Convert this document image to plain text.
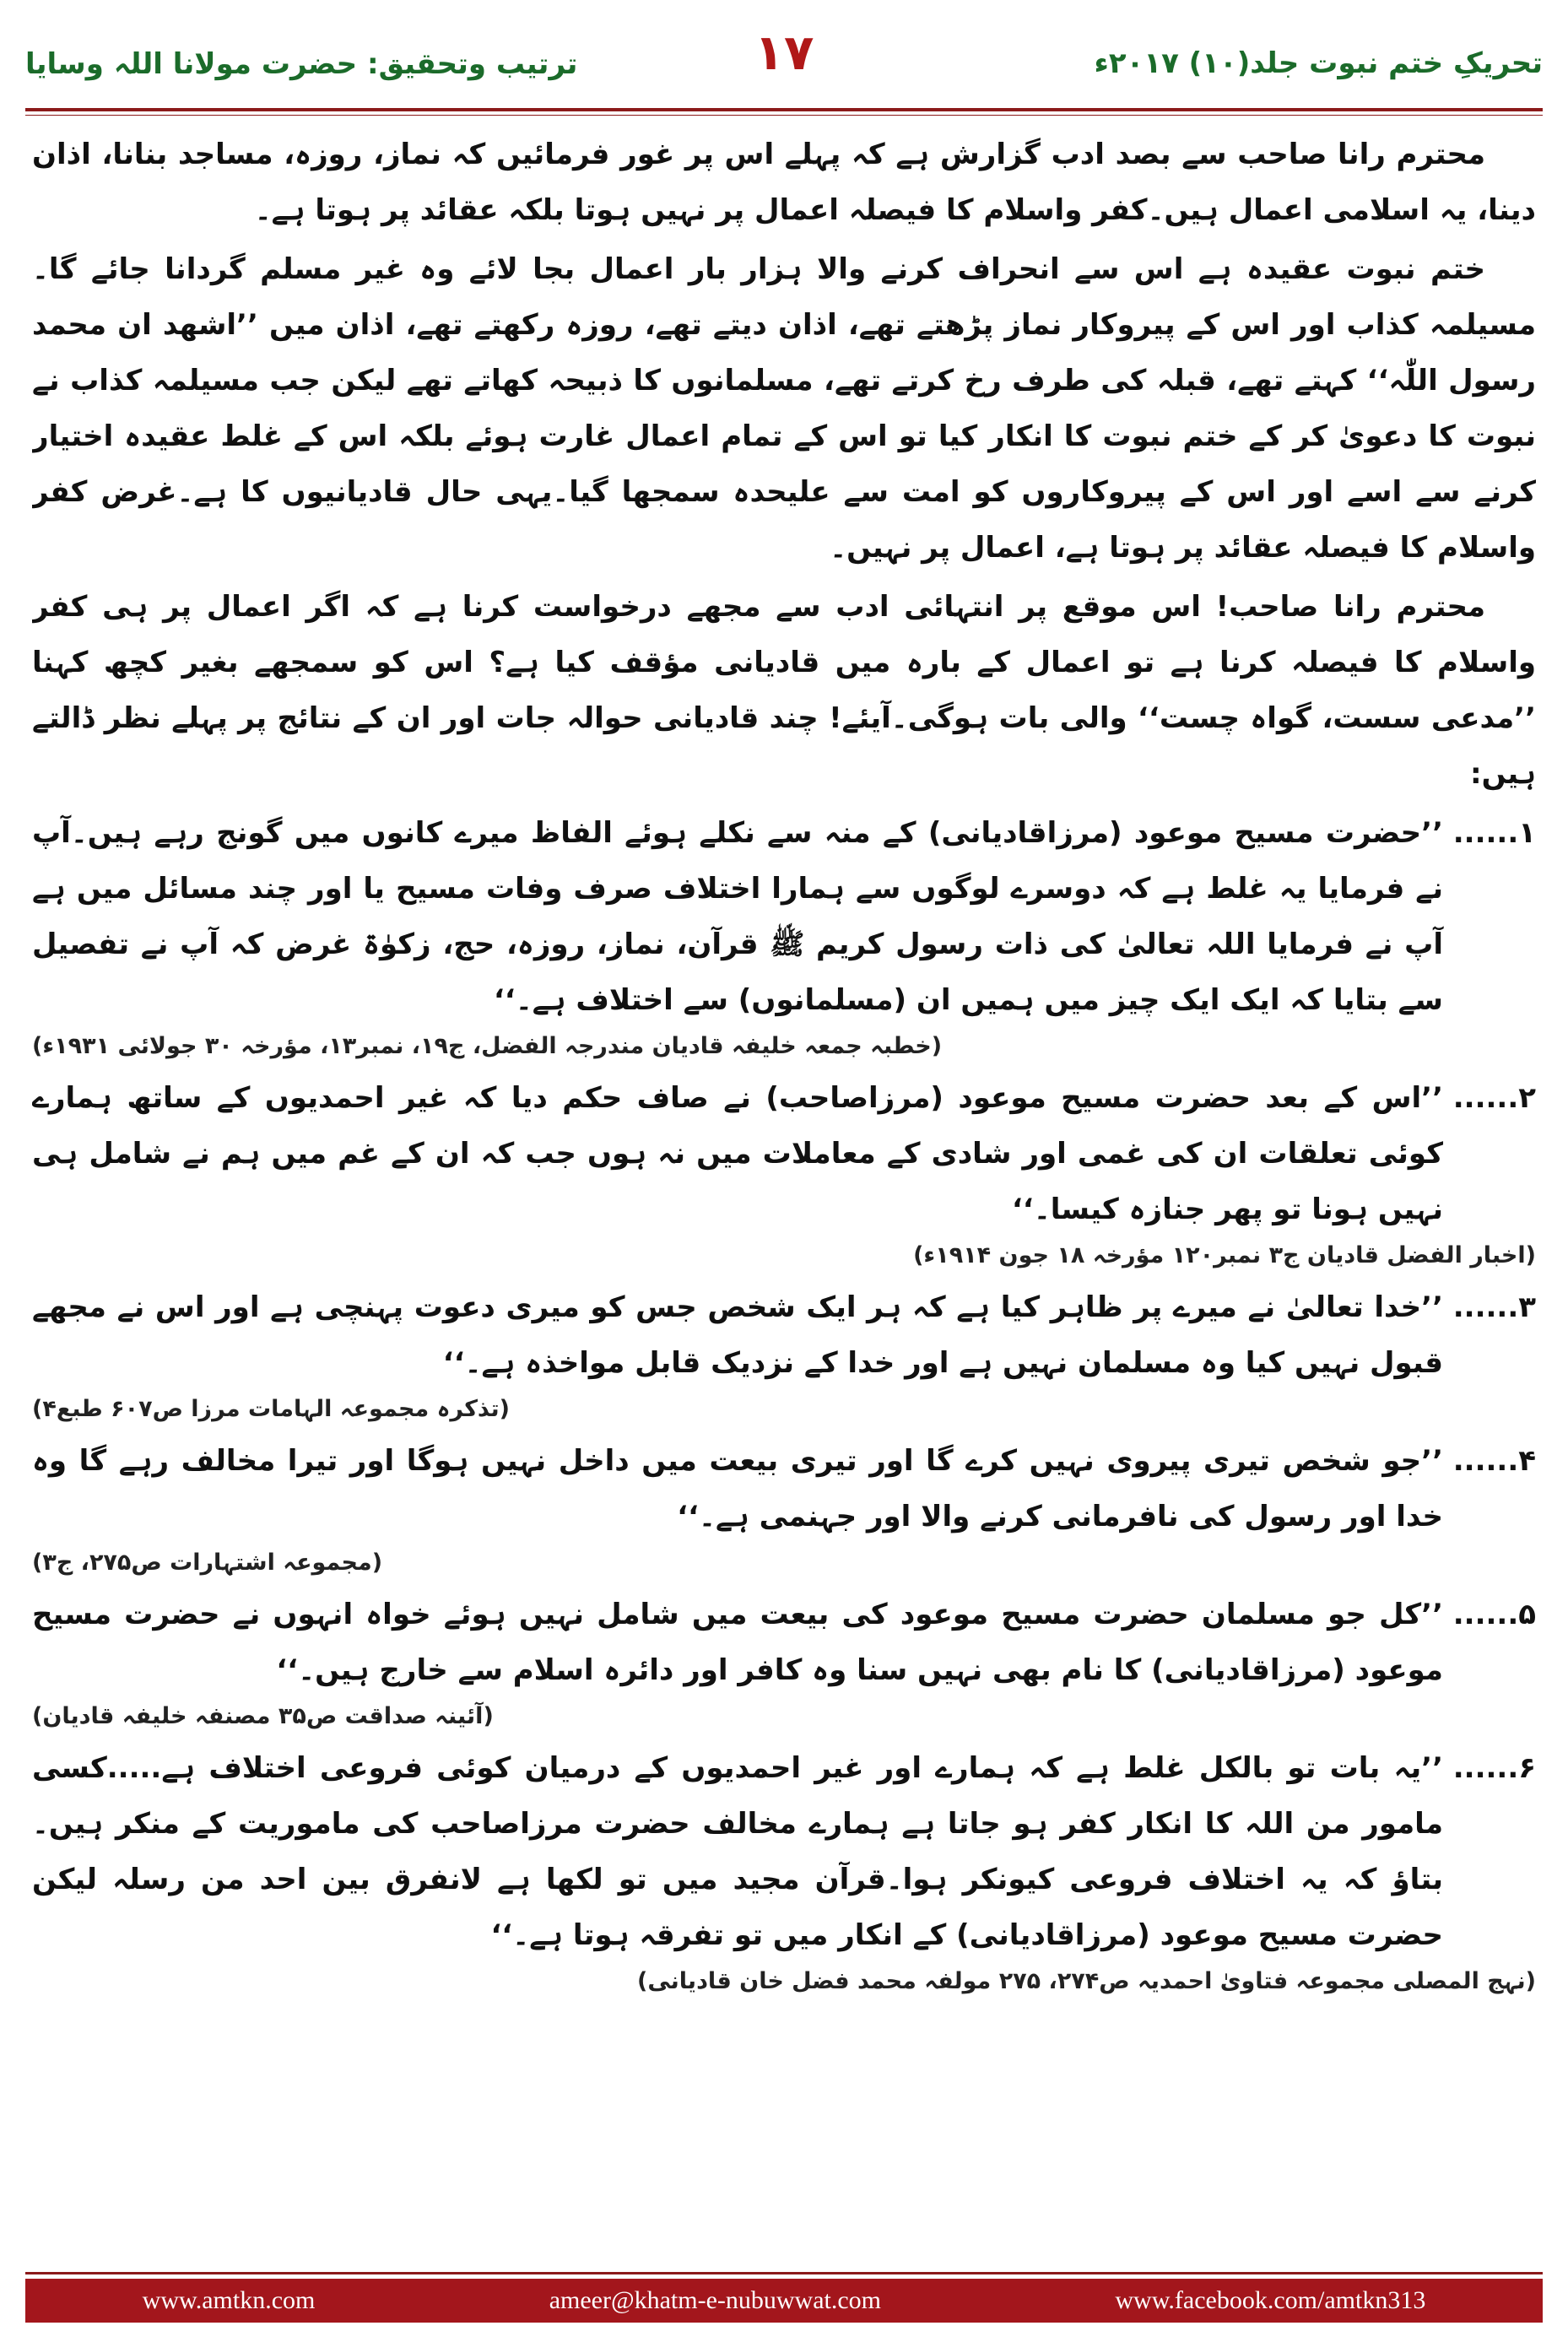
تحریکِ ختم نبوت جلد(۱۰) ۲۰۱۷ء
۱۷
ترتیب وتحقیق: حضرت مولانا اللہ وسایا

محترم رانا صاحب سے بصد ادب گزارش ہے کہ پہلے اس پر غور فرمائیں کہ نماز، روزہ، مساجد بنانا، اذان دینا، یہ اسلامی اعمال ہیں۔کفر واسلام کا فیصلہ اعمال پر نہیں ہوتا بلکہ عقائد پر ہوتا ہے۔

ختم نبوت عقیدہ ہے اس سے انحراف کرنے والا ہزار بار اعمال بجا لائے وہ غیر مسلم گردانا جائے گا۔مسیلمہ کذاب اور اس کے پیروکار نماز پڑھتے تھے، اذان دیتے تھے، روزہ رکھتے تھے، اذان میں ’’اشھد ان محمد رسول اللّٰہ‘‘ کہتے تھے، قبلہ کی طرف رخ کرتے تھے، مسلمانوں کا ذبیحہ کھاتے تھے لیکن جب مسیلمہ کذاب نے نبوت کا دعویٰ کر کے ختم نبوت کا انکار کیا تو اس کے تمام اعمال غارت ہوئے بلکہ اس کے غلط عقیدہ اختیار کرنے سے اسے اور اس کے پیروکاروں کو امت سے علیحدہ سمجھا گیا۔یہی حال قادیانیوں کا ہے۔غرض کفر واسلام کا فیصلہ عقائد پر ہوتا ہے، اعمال پر نہیں۔

محترم رانا صاحب! اس موقع پر انتہائی ادب سے مجھے درخواست کرنا ہے کہ اگر اعمال پر ہی کفر واسلام کا فیصلہ کرنا ہے تو اعمال کے بارہ میں قادیانی مؤقف کیا ہے؟ اس کو سمجھے بغیر کچھ کہنا ’’مدعی سست، گواہ چست‘‘ والی بات ہوگی۔آیئے! چند قادیانی حوالہ جات اور ان کے نتائج پر پہلے نظر ڈالتے ہیں:

۱......
’’حضرت مسیح موعود (مرزاقادیانی) کے منہ سے نکلے ہوئے الفاظ میرے کانوں میں گونج رہے ہیں۔آپ نے فرمایا یہ غلط ہے کہ دوسرے لوگوں سے ہمارا اختلاف صرف وفات مسیح یا اور چند مسائل میں ہے آپ نے فرمایا اللہ تعالیٰ کی ذات رسول کریم ﷺ قرآن، نماز، روزہ، حج، زکوٰۃ غرض کہ آپ نے تفصیل سے بتایا کہ ایک ایک چیز میں ہمیں ان (مسلمانوں) سے اختلاف ہے۔‘‘
(خطبہ جمعہ خلیفہ قادیان مندرجہ الفضل، ج۱۹، نمبر۱۳، مؤرخہ ۳۰ جولائی ۱۹۳۱ء)
۲......
’’اس کے بعد حضرت مسیح موعود (مرزاصاحب) نے صاف حکم دیا کہ غیر احمدیوں کے ساتھ ہمارے کوئی تعلقات ان کی غمی اور شادی کے معاملات میں نہ ہوں جب کہ ان کے غم میں ہم نے شامل ہی نہیں ہونا تو پھر جنازہ کیسا۔‘‘
(اخبار الفضل قادیان ج۳ نمبر۱۲۰ مؤرخہ ۱۸ جون ۱۹۱۴ء)
۳......
’’خدا تعالیٰ نے میرے پر ظاہر کیا ہے کہ ہر ایک شخص جس کو میری دعوت پہنچی ہے اور اس نے مجھے قبول نہیں کیا وہ مسلمان نہیں ہے اور خدا کے نزدیک قابل مواخذہ ہے۔‘‘
(تذکرہ مجموعہ الہامات مرزا ص۶۰۷ طبع۴)
۴......
’’جو شخص تیری پیروی نہیں کرے گا اور تیری بیعت میں داخل نہیں ہوگا اور تیرا مخالف رہے گا وہ خدا اور رسول کی نافرمانی کرنے والا اور جہنمی ہے۔‘‘
(مجموعہ اشتہارات ص۲۷۵، ج۳)
۵......
’’کل جو مسلمان حضرت مسیح موعود کی بیعت میں شامل نہیں ہوئے خواہ انہوں نے حضرت مسیح موعود (مرزاقادیانی) کا نام بھی نہیں سنا وہ کافر اور دائرہ اسلام سے خارج ہیں۔‘‘
(آئینہ صداقت ص۳۵ مصنفہ خلیفہ قادیان)
۶......
’’یہ بات تو بالکل غلط ہے کہ ہمارے اور غیر احمدیوں کے درمیان کوئی فروعی اختلاف ہے.....کسی مامور من اللہ کا انکار کفر ہو جاتا ہے ہمارے مخالف حضرت مرزاصاحب کی ماموریت کے منکر ہیں۔بتاؤ کہ یہ اختلاف فروعی کیونکر ہوا۔قرآن مجید میں تو لکھا ہے لانفرق بین احد من رسلہ لیکن حضرت مسیح موعود (مرزاقادیانی) کے انکار میں تو تفرقہ ہوتا ہے۔‘‘
(نہج المصلی مجموعہ فتاویٰ احمدیہ ص۲۷۴، ۲۷۵ مولفہ محمد فضل خان قادیانی)
www.amtkn.com	ameer@khatm-e-nubuwwat.com	www.facebook.com/amtkn313
